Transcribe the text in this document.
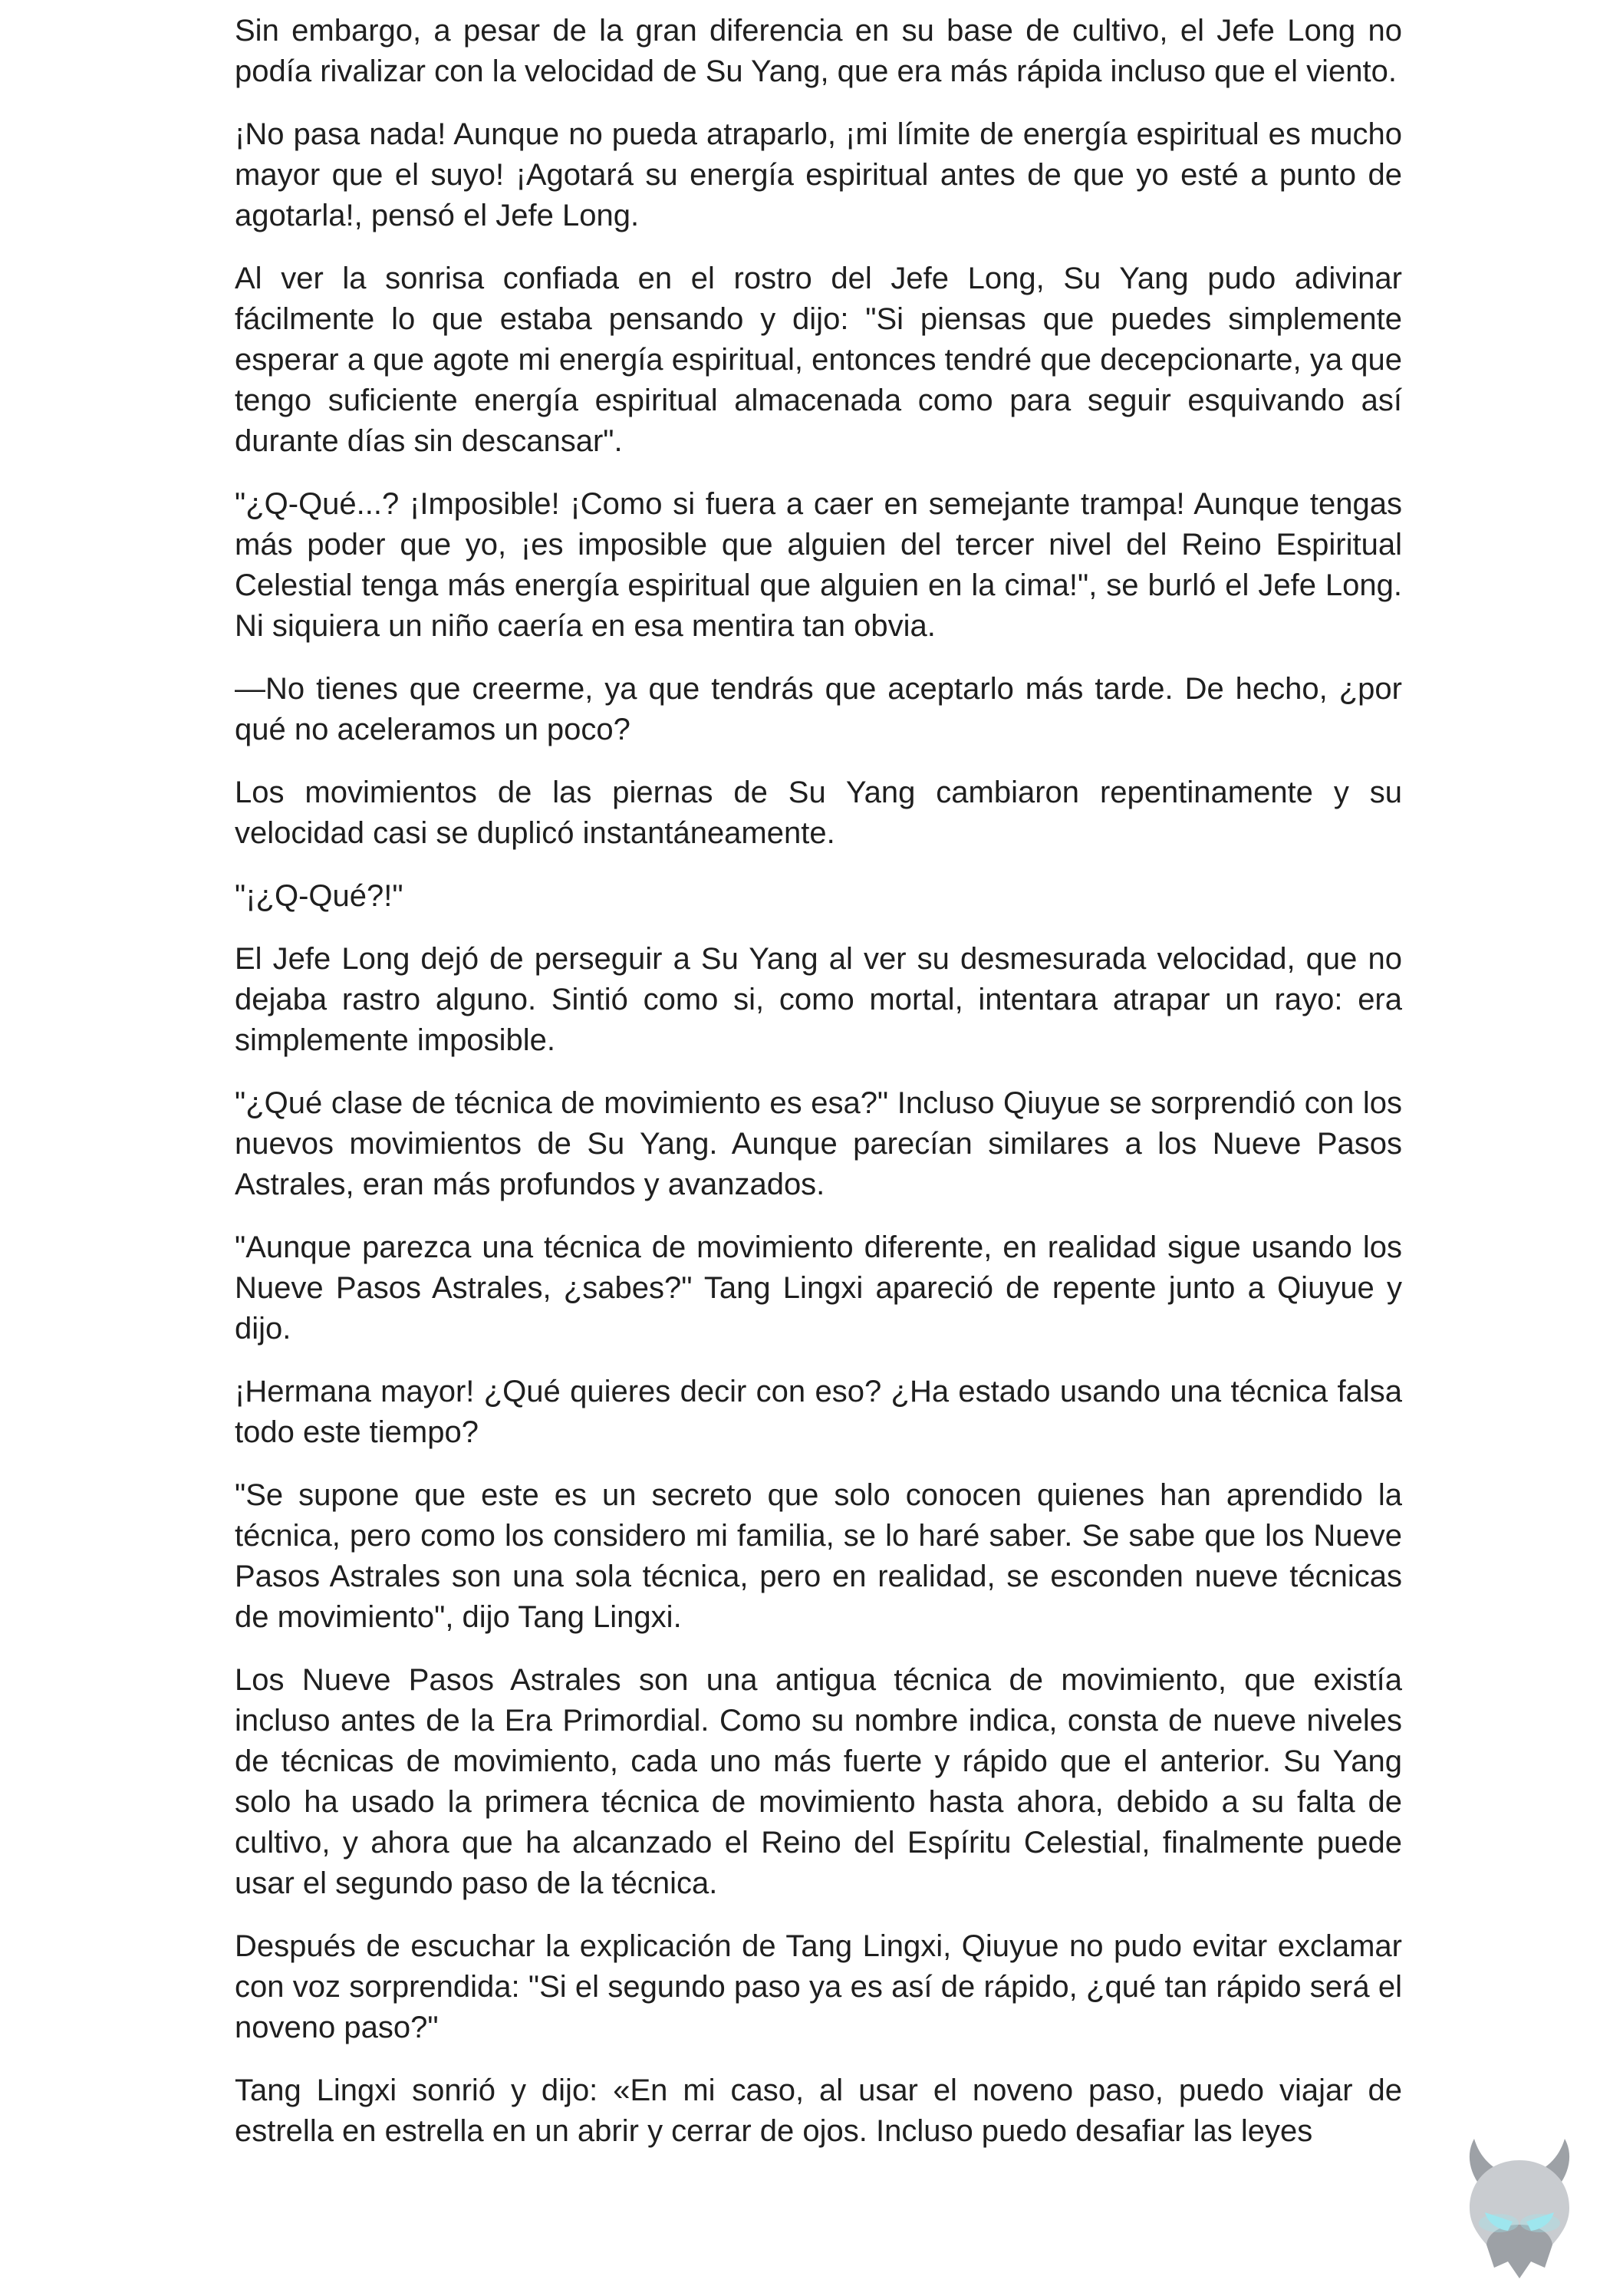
Sin embargo, a pesar de la gran diferencia en su base de cultivo, el Jefe Long no podía rivalizar con la velocidad de Su Yang, que era más rápida incluso que el viento.

¡No pasa nada! Aunque no pueda atraparlo, ¡mi límite de energía espiritual es mucho mayor que el suyo! ¡Agotará su energía espiritual antes de que yo esté a punto de agotarla!, pensó el Jefe Long.

Al ver la sonrisa confiada en el rostro del Jefe Long, Su Yang pudo adivinar fácilmente lo que estaba pensando y dijo: "Si piensas que puedes simplemente esperar a que agote mi energía espiritual, entonces tendré que decepcionarte, ya que tengo suficiente energía espiritual almacenada como para seguir esquivando así durante días sin descansar".

"¿Q-Qué...? ¡Imposible! ¡Como si fuera a caer en semejante trampa! Aunque tengas más poder que yo, ¡es imposible que alguien del tercer nivel del Reino Espiritual Celestial tenga más energía espiritual que alguien en la cima!", se burló el Jefe Long. Ni siquiera un niño caería en esa mentira tan obvia.

—No tienes que creerme, ya que tendrás que aceptarlo más tarde. De hecho, ¿por qué no aceleramos un poco?

Los movimientos de las piernas de Su Yang cambiaron repentinamente y su velocidad casi se duplicó instantáneamente.

"¡¿Q-Qué?!"

El Jefe Long dejó de perseguir a Su Yang al ver su desmesurada velocidad, que no dejaba rastro alguno. Sintió como si, como mortal, intentara atrapar un rayo: era simplemente imposible.

"¿Qué clase de técnica de movimiento es esa?" Incluso Qiuyue se sorprendió con los nuevos movimientos de Su Yang. Aunque parecían similares a los Nueve Pasos Astrales, eran más profundos y avanzados.

"Aunque parezca una técnica de movimiento diferente, en realidad sigue usando los Nueve Pasos Astrales, ¿sabes?" Tang Lingxi apareció de repente junto a Qiuyue y dijo.

¡Hermana mayor! ¿Qué quieres decir con eso? ¿Ha estado usando una técnica falsa todo este tiempo?

"Se supone que este es un secreto que solo conocen quienes han aprendido la técnica, pero como los considero mi familia, se lo haré saber. Se sabe que los Nueve Pasos Astrales son una sola técnica, pero en realidad, se esconden nueve técnicas de movimiento", dijo Tang Lingxi.

Los Nueve Pasos Astrales son una antigua técnica de movimiento, que existía incluso antes de la Era Primordial. Como su nombre indica, consta de nueve niveles de técnicas de movimiento, cada uno más fuerte y rápido que el anterior. Su Yang solo ha usado la primera técnica de movimiento hasta ahora, debido a su falta de cultivo, y ahora que ha alcanzado el Reino del Espíritu Celestial, finalmente puede usar el segundo paso de la técnica.

Después de escuchar la explicación de Tang Lingxi, Qiuyue no pudo evitar exclamar con voz sorprendida: "Si el segundo paso ya es así de rápido, ¿qué tan rápido será el noveno paso?"

Tang Lingxi sonrió y dijo: «En mi caso, al usar el noveno paso, puedo viajar de estrella en estrella en un abrir y cerrar de ojos. Incluso puedo desafiar las leyes
